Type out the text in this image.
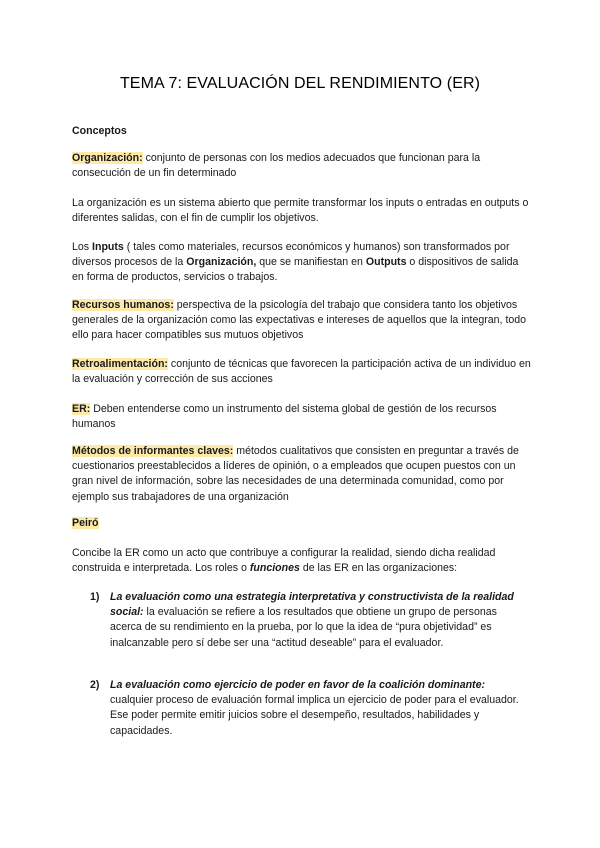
TEMA 7: EVALUACIÓN DEL RENDIMIENTO (ER)
Conceptos
Organización: conjunto de personas con los medios adecuados que funcionan para la consecución de un fin determinado
La organización es un sistema abierto que permite transformar los inputs o entradas en outputs o diferentes salidas, con el fin de cumplir los objetivos.
Los Inputs ( tales como materiales, recursos económicos y humanos) son transformados por diversos procesos de la Organización, que se manifiestan en Outputs o dispositivos de salida en forma de productos, servicios o trabajos.
Recursos humanos: perspectiva de la psicología del trabajo que considera tanto los objetivos generales de la organización como las expectativas e intereses de aquellos que la integran, todo ello para hacer compatibles sus mutuos objetivos
Retroalimentación: conjunto de técnicas que favorecen la participación activa de un individuo en la evaluación y corrección de sus acciones
ER: Deben entenderse como un instrumento del sistema global de gestión de los recursos humanos
Métodos de informantes claves: métodos cualitativos que consisten en preguntar a través de cuestionarios preestablecidos a líderes de opinión, o a empleados que ocupen puestos con un gran nivel de información, sobre las necesidades de una determinada comunidad, como por ejemplo sus trabajadores de una organización
Peiró
Concibe la ER como un acto que contribuye a configurar la realidad, siendo dicha realidad construida e interpretada. Los roles o funciones de las ER en las organizaciones:
1) La evaluación como una estrategia interpretativa y constructivista de la realidad social: la evaluación se refiere a los resultados que obtiene un grupo de personas acerca de su rendimiento en la prueba, por lo que la idea de “pura objetividad” es inalcanzable pero sí debe ser una “actitud deseable” para el evaluador.
2) La evaluación como ejercicio de poder en favor de la coalición dominante: cualquier proceso de evaluación formal implica un ejercicio de poder para el evaluador. Ese poder permite emitir juicios sobre el desempeño, resultados, habilidades y capacidades.
